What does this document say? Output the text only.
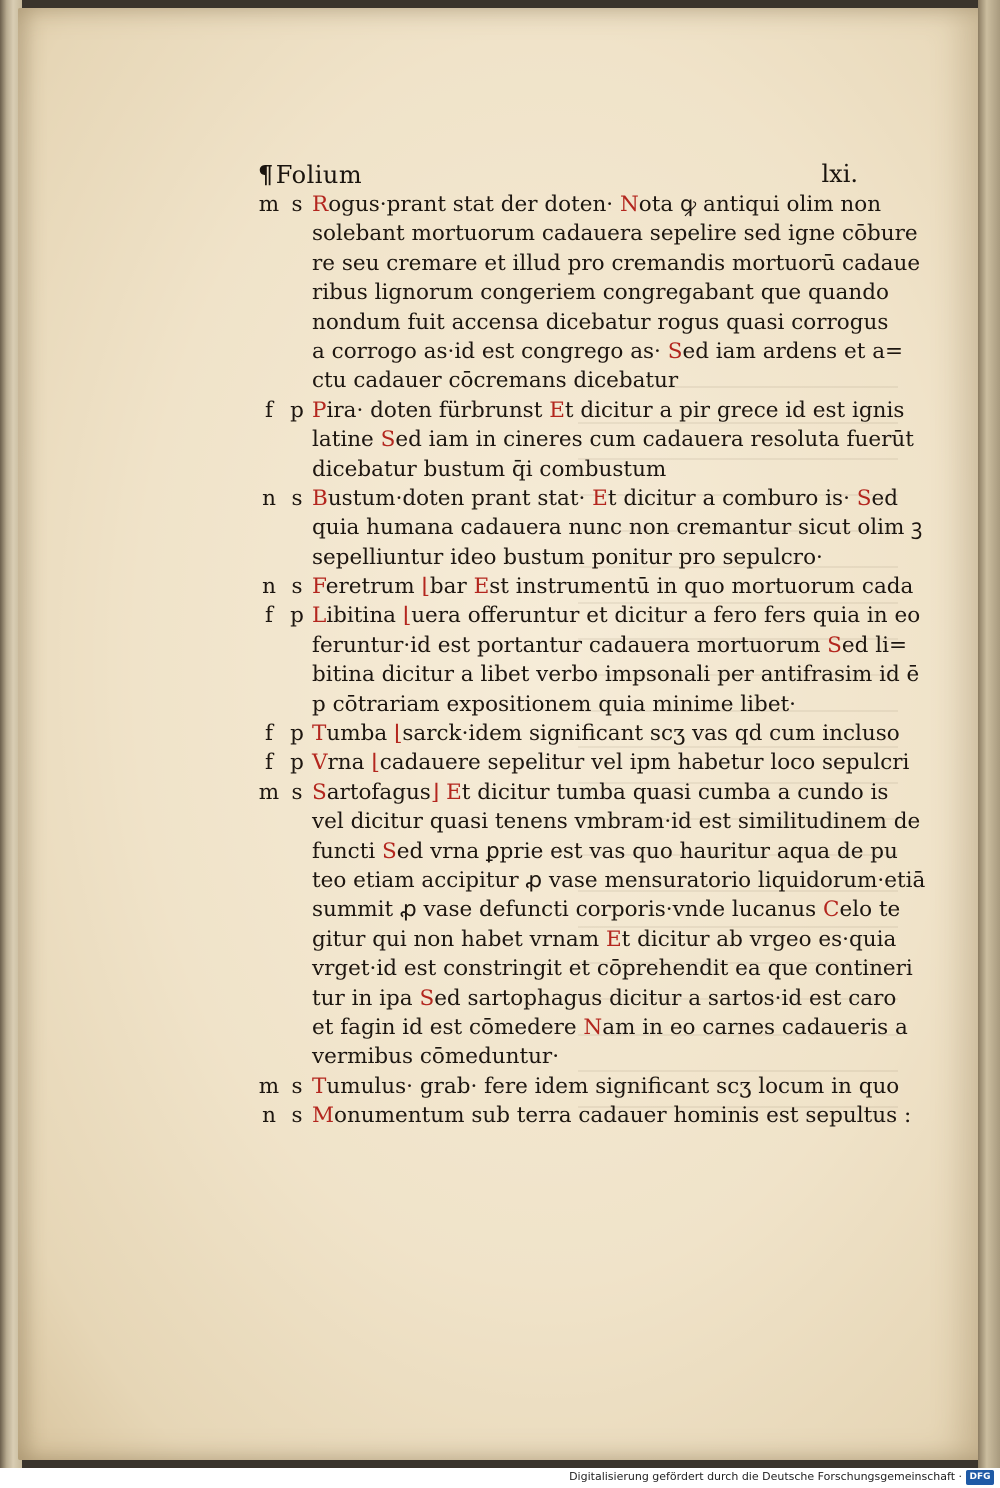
¶Folium	lxi.
m s Rogus·prant stat der doten· Nota ꝙ antiqui olim non
solebant mortuorum cadauera sepelire sed igne cōbure
re seu cremare et illud pro cremandis mortuorū cadaue
ribus lignorum congeriem congregabant que quando
nondum fuit accensa dicebatur rogus quasi corrogus
a corrogo as·id est congrego as· Sed iam ardens et a=
ctu cadauer cōcremans dicebatur
f p Pira· doten fürbrunst Et dicitur a pir grece id est ignis
latine Sed iam in cineres cum cadauera resoluta fuerūt
dicebatur bustum q̄i combustum
n s Bustum·doten prant stat· Et dicitur a comburo is· Sed
quia humana cadauera nunc non cremantur sicut olim ꝫ
sepelliuntur ideo bustum ponitur pro sepulcro·
n s Feretrum ⌊bar Est instrumentū in quo mortuorum cada
f p Libitina ⌊uera offeruntur et dicitur a fero fers quia in eo
feruntur·id est portantur cadauera mortuorum Sed li=
bitina dicitur a libet verbo impsonali per antifrasim id ē
p cōtrariam expositionem quia minime libet·
f p Tumba ⌊sarck·idem significant scʒ vas qd cum incluso
f p Vrna ⌊cadauere sepelitur vel ipm habetur loco sepulcri
m s Sartofagus⌋ Et dicitur tumba quasi cumba a cundo is
vel dicitur quasi tenens vmbram·id est similitudinem de
functi Sed vrna ꝑprie est vas quo hauritur aqua de pu
teo etiam accipitur ꝓ vase mensuratorio liquidorum·etiā
summit ꝓ vase defuncti corporis·vnde lucanus Celo te
gitur qui non habet vrnam Et dicitur ab vrgeo es·quia
vrget·id est constringit et cōprehendit ea que contineri
tur in ipa Sed sartophagus dicitur a sartos·id est caro
et fagin id est cōmedere Nam in eo carnes cadaueris a
vermibus cōmeduntur·
m s Tumulus· grab· fere idem significant scʒ locum in quo
n s Monumentum sub terra cadauer hominis est sepultus :
Digitalisierung gefördert durch die Deutsche Forschungsgemeinschaft · DFG
